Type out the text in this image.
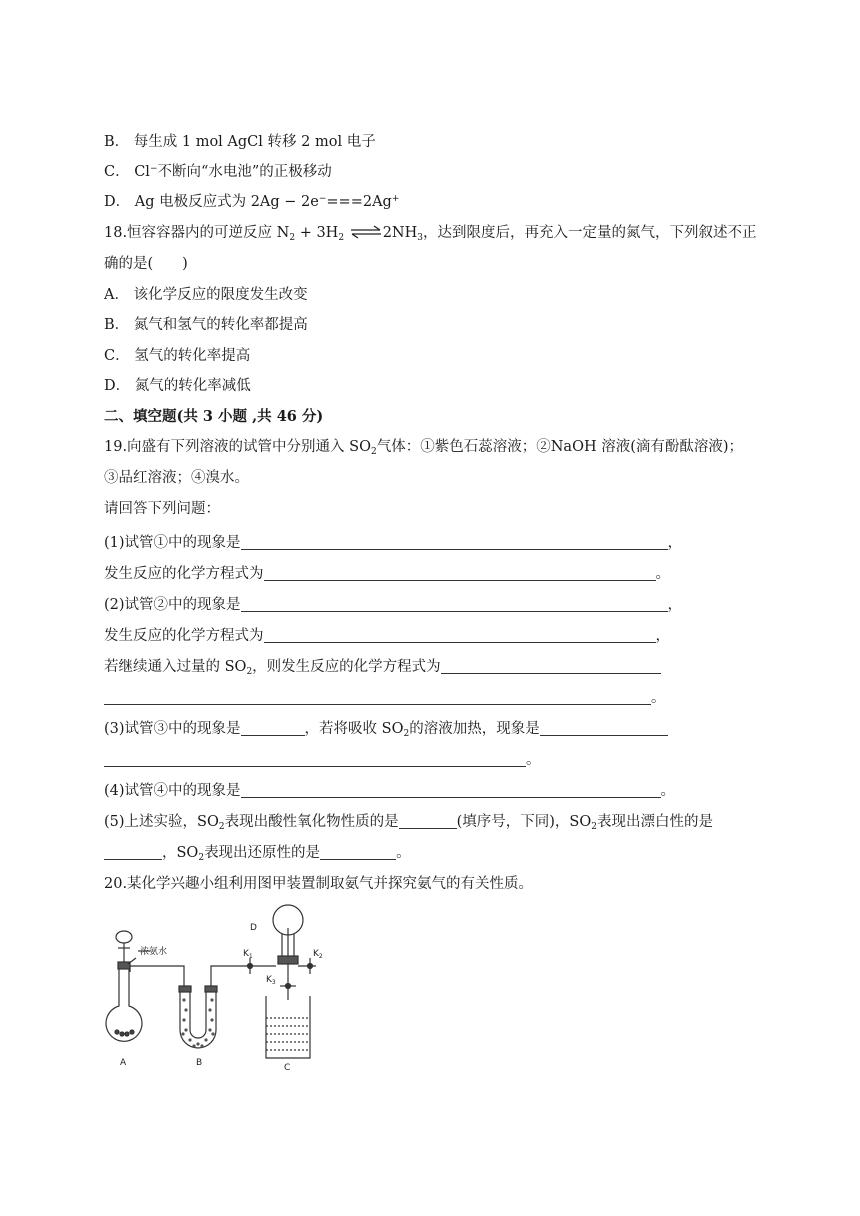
B． 每生成 1 mol AgCl 转移 2 mol 电子
C． Cl−不断向“水电池”的正极移动
D． Ag 电极反应式为 2Ag − 2e−===2Ag+
18.恒容容器内的可逆反应 $N_2 + 3H_2$ $\rightleftharpoons 2NH_3$，达到限度后，再充入一定量的氮气，下列叙述不正
确的是(　　)
A． 该化学反应的限度发生改变
B． 氮气和氢气的转化率都提高
C． 氢气的转化率提高
D． 氮气的转化率减低
二、填空题(共 3 小题 ,共 46 分)
19.向盛有下列溶液的试管中分别通入 $SO_2$气体：①紫色石蕊溶液；②NaOH 溶液(滴有酚酞溶液)；
③品红溶液；④溴水。
请回答下列问题：
(1)试管①中的现象是	，
发生反应的化学方程式为	。
(2)试管②中的现象是	，
发生反应的化学方程式为	，
若继续通入过量的 $SO_2$，则发生反应的化学方程式为
。
(3)试管③中的现象是	，若将吸收 $SO_2$的溶液加热，现象是
。
(4)试管④中的现象是	。
(5)上述实验，$SO_2$表现出酸性氧化物性质的是	(填序号，下同)，$SO_2$表现出漂白性的是
，$SO_2$表现出还原性的是	。
20.某化学兴趣小组利用图甲装置制取氨气并探究氨气的有关性质。
浓氨水
A	B	C
D
$K_1$	$K_2$
$K_3$
